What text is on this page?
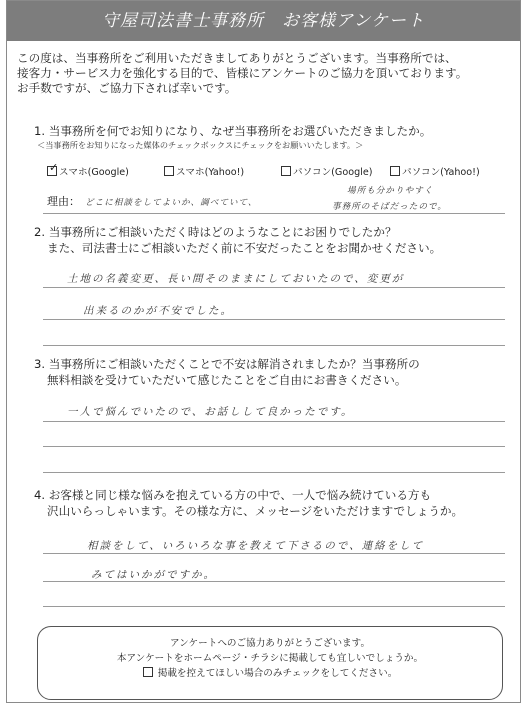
守屋司法書士事務所　お客様アンケート
この度は、当事務所をご利用いただきましてありがとうございます。当事務所では、
接客力・サービス力を強化する目的で、皆様にアンケートのご協力を頂いております。
お手数ですが、ご協力下されば幸いです。
1. 当事務所を何でお知りになり、なぜ当事務所をお選びいただきましたか。
＜当事務所をお知りになった媒体のチェックボックスにチェックをお願いいたします。＞
✓ スマホ(Google)	スマホ(Yahoo!)	パソコン(Google)	パソコン(Yahoo!)
理由： どこに相談をしてよいか、調べていて、
場所も分かりやすく
事務所のそばだったので。
2. 当事務所にご相談いただく時はどのようなことにお困りでしたか？
また、司法書士にご相談いただく前に不安だったことをお聞かせください。
土地の名義変更、長い間そのままにしておいたので、変更が
出来るのかが不安でした。
3. 当事務所にご相談いただくことで不安は解消されましたか？当事務所の
無料相談を受けていただいて感じたことをご自由にお書きください。
一人で悩んでいたので、お話しして良かったです。
4. お客様と同じ様な悩みを抱えている方の中で、一人で悩み続けている方も
沢山いらっしゃいます。その様な方に、メッセージをいただけますでしょうか。
相談をして、いろいろな事を教えて下さるので、連絡をして
みてはいかがですか。
アンケートへのご協力ありがとうございます。
本アンケートをホームページ・チラシに掲載しても宜しいでしょうか。
掲載を控えてほしい場合のみチェックをしてください。
